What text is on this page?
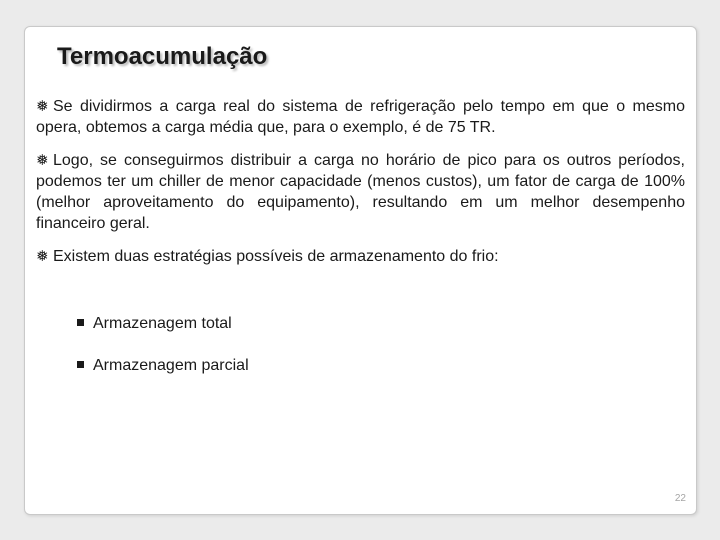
Termoacumulação

❅ Se dividirmos a carga real do sistema de refrigeração pelo tempo em que o mesmo opera, obtemos a carga média que, para o exemplo, é de 75 TR.

❅ Logo, se conseguirmos distribuir a carga no horário de pico para os outros períodos, podemos ter um chiller de menor capacidade (menos custos), um fator de carga de 100% (melhor aproveitamento do equipamento), resultando em um melhor desempenho financeiro geral.

❅ Existem duas estratégias possíveis de armazenamento do frio:

Armazenagem total
Armazenagem parcial
22
